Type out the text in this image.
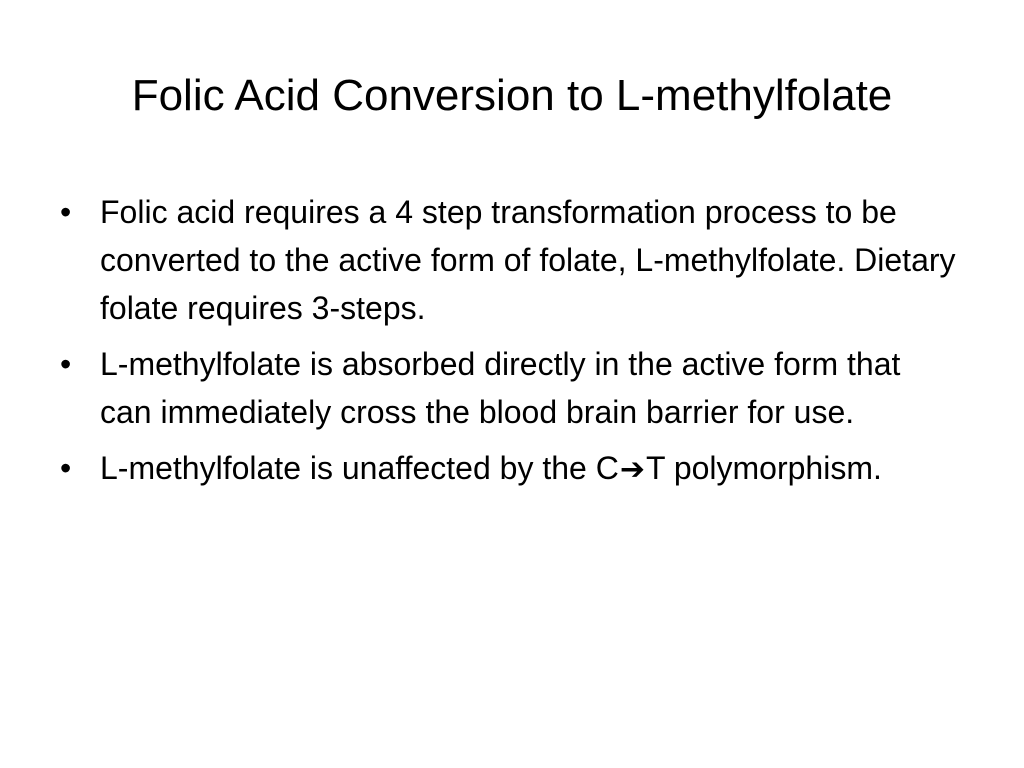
Folic Acid Conversion to L-methylfolate
• Folic acid requires a 4 step transformation process to be converted to the active form of folate, L-methylfolate. Dietary folate requires 3-steps.
• L-methylfolate is absorbed directly in the active form that can immediately cross the blood brain barrier for use.
• L-methylfolate is unaffected by the C➔T polymorphism.
